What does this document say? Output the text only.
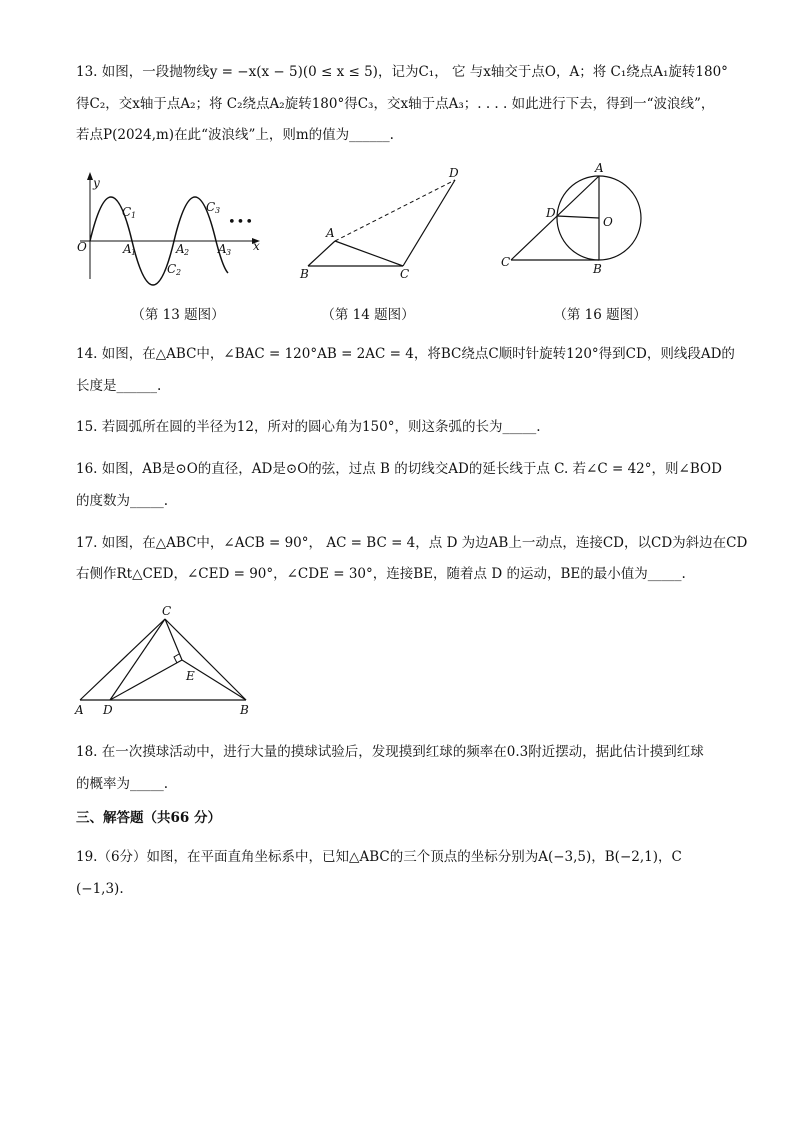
13. 如图，一段抛物线y = −x(x − 5)(0 ≤ x ≤ 5)，记为C₁， 它 与x轴交于点O，A；将 C₁绕点A₁旋转180°
得C₂，交x轴于点A₂；将 C₂绕点A₂旋转180°得C₃，交x轴于点A₃；. . . . 如此进行下去，得到一“波浪线”，
若点P(2024,m)在此“波浪线”上，则m的值为______.
y
x
O
C 1
C 2
C 3
A 1	A 2 A 3
•••
D
A
B	C
A
D
O
C	B
（第 13 题图）	（第 14 题图）	（第 16 题图）
14. 如图，在△ABC中，∠BAC = 120°AB = 2AC = 4，将BC绕点C顺时针旋转120°得到CD，则线段AD的
长度是______.
15. 若圆弧所在圆的半径为12，所对的圆心角为150°，则这条弧的长为_____.
16. 如图，AB是⊙O的直径，AD是⊙O的弦，过点 B 的切线交AD的延长线于点 C. 若∠C = 42°，则∠BOD
的度数为_____.
17. 如图，在△ABC中，∠ACB = 90°， AC = BC = 4，点 D 为边AB上一动点，连接CD，以CD为斜边在CD
右侧作Rt△CED，∠CED = 90°，∠CDE = 30°，连接BE，随着点 D 的运动，BE的最小值为_____.
C
E
A D	B
18. 在一次摸球活动中，进行大量的摸球试验后，发现摸到红球的频率在0.3附近摆动，据此估计摸到红球
的概率为_____.
三、解答题（共66 分）
19.（6分）如图，在平面直角坐标系中，已知△ABC的三个顶点的坐标分别为A(−3,5)，B(−2,1)，C
(−1,3).
